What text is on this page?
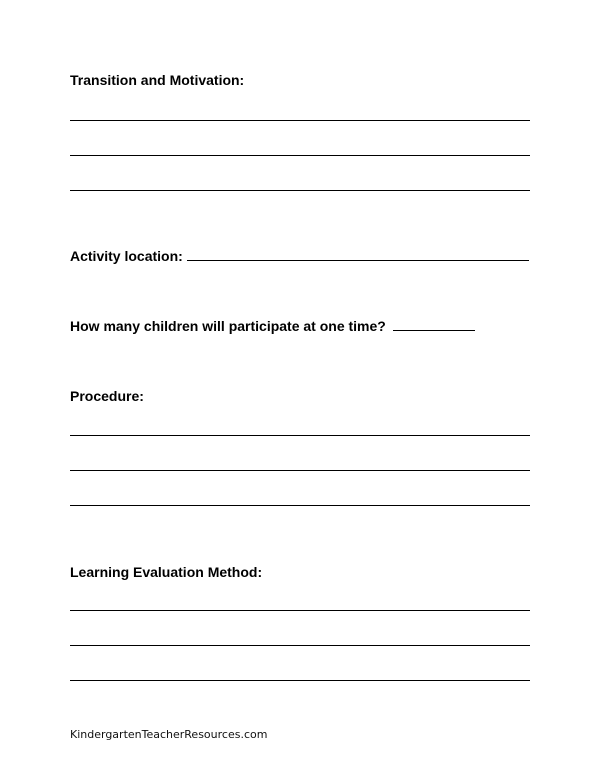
Transition and Motivation:
Activity location:
How many children will participate at one time?
Procedure:
Learning Evaluation Method:
KindergartenTeacherResources.com
